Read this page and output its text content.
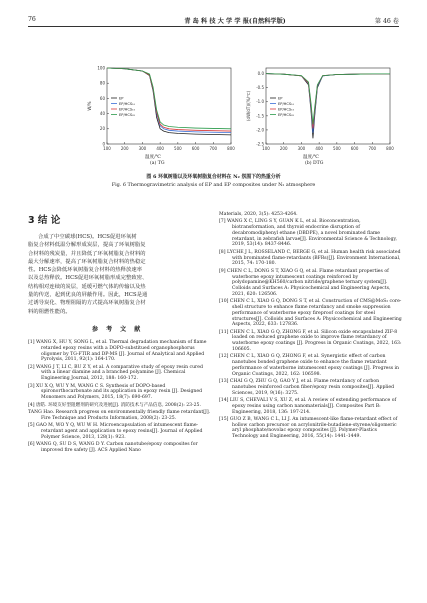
76	青 岛 科 技 大 学 学 报(自然科学版)	第 46 卷
100	200	300	400	500	600	700	800
0
20
40
60
80
100
W/%
EP
EP/HCS₁₀
EP/HCS₁₅
EP/HCS₂₀
100	200	300	400	500	600	700	800
0.0
-0.5
-1.0
-1.5
-2.0
-2.5
(dW/dT)/(%/℃)	EP
EP/HCS₁₀
EP/HCS₁₅
EP/HCS₂₀
温度/℃	温度/℃
(a) TG	(b) DTG
图 6 环氧树脂以及环氧树脂复合材料在 N₂ 氛围下的热重分析
Fig. 6 Thermogravimetric analysis of EP and EP composites under N₂ atmosphere
3 结 论
合成了中空碳球(HCS)。HCS促进环氧树
脂复合材料低温分解形成炭层，提高了环氧树脂复
合材料的残炭量，并且降低了环氧树脂复合材料的
最大分解速率，提高了环氧树脂复合材料的热稳定
性。HCS会降低环氧树脂复合材料的热释放速率
以及总热释放。HCS促进环氧树脂形成完整致密、
结构相对连续的炭层，延缓可燃气体的传输以及热
量的传送，起到优良的屏蔽作用。因此，HCS是通
过诱导炭化、物理阻隔的方式提高环氧树脂复合材
料的阻燃性能的。
参 考 文 献

[1] WANG X, HU Y, SONG L, et al. Thermal degradation mechanism of flame retarded epoxy resins with a DOPO-substitued organophosphorus oligomer by TG-FTIR and DP-MS [J]. Journal of Analytical and Applied Pyrolysis, 2011, 92(1): 164-170.

[2] WANG J T, LI C, BU Z Y, et al. A comparative study of epoxy resin cured with a linear diamine and a branched polyamine [J]. Chemical Engineering Journal, 2012, 188: 160-172.

[3] XU X Q, WU Y M, WANG C S. Synthesis of DOPO-based spironorthocarbonate and its application in epoxy resin [J]. Designed Monomers and Polymers, 2015, 18(7): 690-697.

[4] 唐皓. 环境友好型阻燃剂的研究及进展[J]. 消防技术与产品信息, 2008(2): 23-25.

TANG Hao. Research progress on environmentally friendly flame retardant[J]. Fire Technique and Products Information, 2008(2): 23-25.

[5] GAO M, WO Y Q, WU W H. Microencapsulation of intumescent flame-retardant agent and application to epoxy resins[J]. Journal of Applied Polymer Science, 2013, 128(1): 923.

[6] WANG Q, SU D S, WANG D Y. Carbon nanotube/epoxy composites for improved fire safety [J]. ACS Applied Nano

Materials, 2020, 3(5): 4253-4264.

[7] WANG X C, LING S Y, GUAN K L, et al. Bioconcentration, biotransformation, and thyroid endocrine disruption of decabromodiphenyl ethane (DBDPE), a novel brominated flame retardant, in zebrafish larvae[J]. Environmental Science & Technology, 2019, 53(14): 8437-8446.

[8] LYCHE J L, ROSSELAND C, BERGE G, et al. Human health risk associated with brominated flame-retardants (BFRs)[J]. Environment International, 2015, 74: 170-180.

[9] CHEN C L, DONG S T, XIAO G Q, et al. Flame retardant properties of waterborne epoxy intumescent coatings reinforced by polydopamine@KH560/carbon nitride/graphene ternary system[J]. Colloids and Surfaces A: Physicochemical and Engineering Aspects, 2021, 620: 126506.

[10] CHEN C L, XIAO G Q, DONG S T, et al. Construction of CMS@MoS₂ core-shell structure to enhance flame retardancy and smoke suppression performance of waterborne epoxy fireproof coatings for steel structures[J]. Colloids and Surfaces A: Physicochemical and Engineering Aspects, 2022, 633: 127836.

[11] CHEN C L, XIAO G Q, ZHONG F, et al. Silicon oxide encapsulated ZIF-8 loaded on reduced graphene oxide to improve flame retardancy of waterborne epoxy coatings [J]. Progress in Organic Coatings, 2022, 163: 106605.

[12] CHEN C L, XIAO G Q, ZHONG F, et al. Synergistic effect of carbon nanotubes bonded graphene oxide to enhance the flame retardant performance of waterborne intumescent epoxy coatings [J]. Progress in Organic Coatings, 2022, 162: 106598.

[13] CHAI G Q, ZHU G Q, GAO Y J, et al. Flame retardancy of carbon nanotubes reinforced carbon fiber/epoxy resin composites[J]. Applied Sciences, 2019, 9(16): 3275.

[14] LIU S, CHEVALI V S, XU Z, et al. A review of extending performance of epoxy resins using carbon nanomaterials[J]. Composites Part B: Engineering, 2018, 136: 197-214.

[15] GUO Z B, WANG C L, LI J. An intumescent-like flame-retardant effect of hollow carbon precursor on acrylonitrile-butadiene-styrene/oligomeric aryl phosphate/novolac epoxy composites [J]. Polymer-Plastics Technology and Engineering, 2016, 55(14): 1441-1449.
